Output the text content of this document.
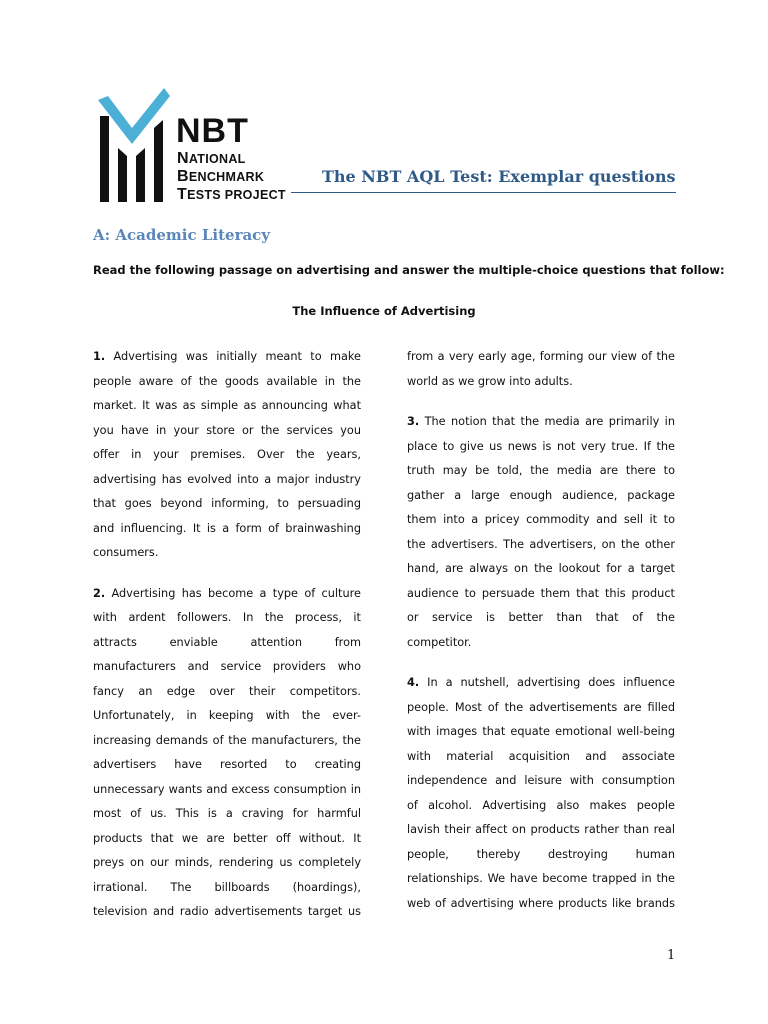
NBT
NATIONAL
BENCHMARK
TESTS PROJECT
The NBT AQL Test: Exemplar questions
A: Academic Literacy
Read the following passage on advertising and answer the multiple-choice questions that follow:
The Influence of Advertising
1. Advertising was initially meant to make
people aware of the goods available in the
market. It was as simple as announcing what
you have in your store or the services you
offer in your premises. Over the years,
advertising has evolved into a major industry
that goes beyond informing, to persuading
and influencing. It is a form of brainwashing
consumers.
2. Advertising has become a type of culture
with ardent followers. In the process, it
attracts enviable attention from
manufacturers and service providers who
fancy an edge over their competitors.
Unfortunately, in keeping with the ever-
increasing demands of the manufacturers, the
advertisers have resorted to creating
unnecessary wants and excess consumption in
most of us. This is a craving for harmful
products that we are better off without. It
preys on our minds, rendering us completely
irrational. The billboards (hoardings),
television and radio advertisements target us
from a very early age, forming our view of the
world as we grow into adults.
3. The notion that the media are primarily in
place to give us news is not very true. If the
truth may be told, the media are there to
gather a large enough audience, package
them into a pricey commodity and sell it to
the advertisers. The advertisers, on the other
hand, are always on the lookout for a target
audience to persuade them that this product
or service is better than that of the
competitor.
4. In a nutshell, advertising does influence
people. Most of the advertisements are filled
with images that equate emotional well-being
with material acquisition and associate
independence and leisure with consumption
of alcohol. Advertising also makes people
lavish their affect on products rather than real
people, thereby destroying human
relationships. We have become trapped in the
web of advertising where products like brands
1
